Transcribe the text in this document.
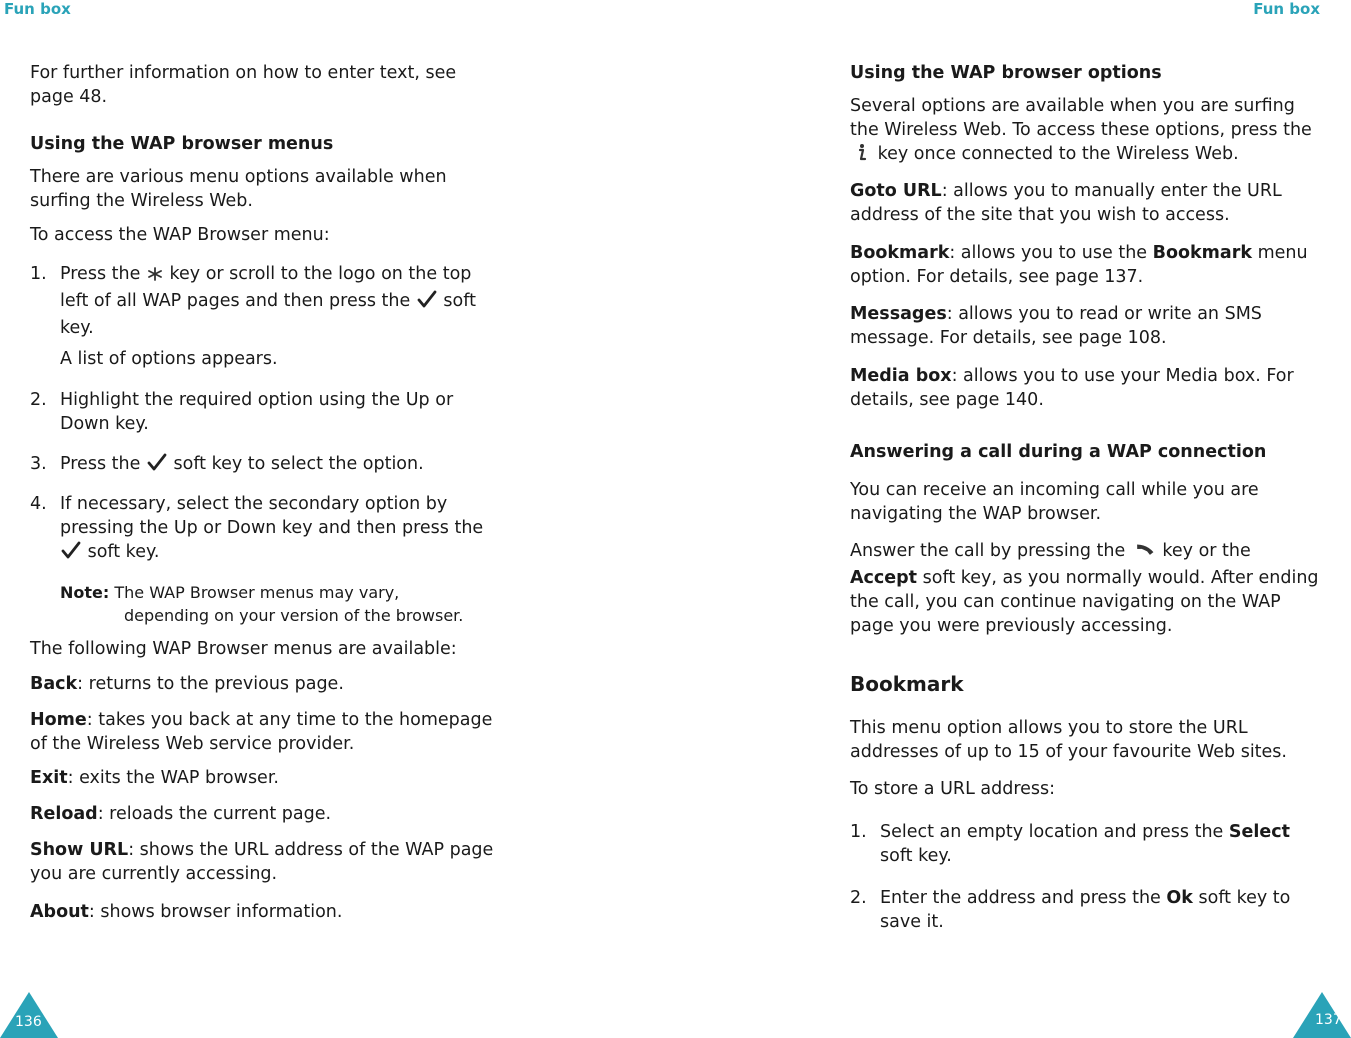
Fun box	Fun box

For further information on how to enter text, see page 48.

Using the WAP browser menus

There are various menu options available when surfing the Wireless Web.

To access the WAP Browser menu:

1. Press the key or scroll to the logo on the top left of all WAP pages and then press the soft key.
A list of options appears.
2. Highlight the required option using the Up or Down key.
3. Press the soft key to select the option.
4. If necessary, select the secondary option by pressing the Up or Down key and then press the  soft key.
Note: The WAP Browser menus may vary,
depending on your version of the browser.

The following WAP Browser menus are available:

Back: returns to the previous page.

Home: takes you back at any time to the homepage of the Wireless Web service provider.

Exit: exits the WAP browser.

Reload: reloads the current page.

Show URL: shows the URL address of the WAP page you are currently accessing.

About: shows browser information.

136

Using the WAP browser options

Several options are available when you are surfing the Wireless Web. To access these options, press the  key once connected to the Wireless Web.

Goto URL: allows you to manually enter the URL address of the site that you wish to access.

Bookmark: allows you to use the Bookmark menu option. For details, see page 137.

Messages: allows you to read or write an SMS message. For details, see page 108.

Media box: allows you to use your Media box. For details, see page 140.

Answering a call during a WAP connection

You can receive an incoming call while you are navigating the WAP browser.

Answer the call by pressing the key or the Accept soft key, as you normally would. After ending the call, you can continue navigating on the WAP page you were previously accessing.

Bookmark

This menu option allows you to store the URL addresses of up to 15 of your favourite Web sites.

To store a URL address:

1. Select an empty location and press the Select soft key.
2. Enter the address and press the Ok soft key to save it.
137
